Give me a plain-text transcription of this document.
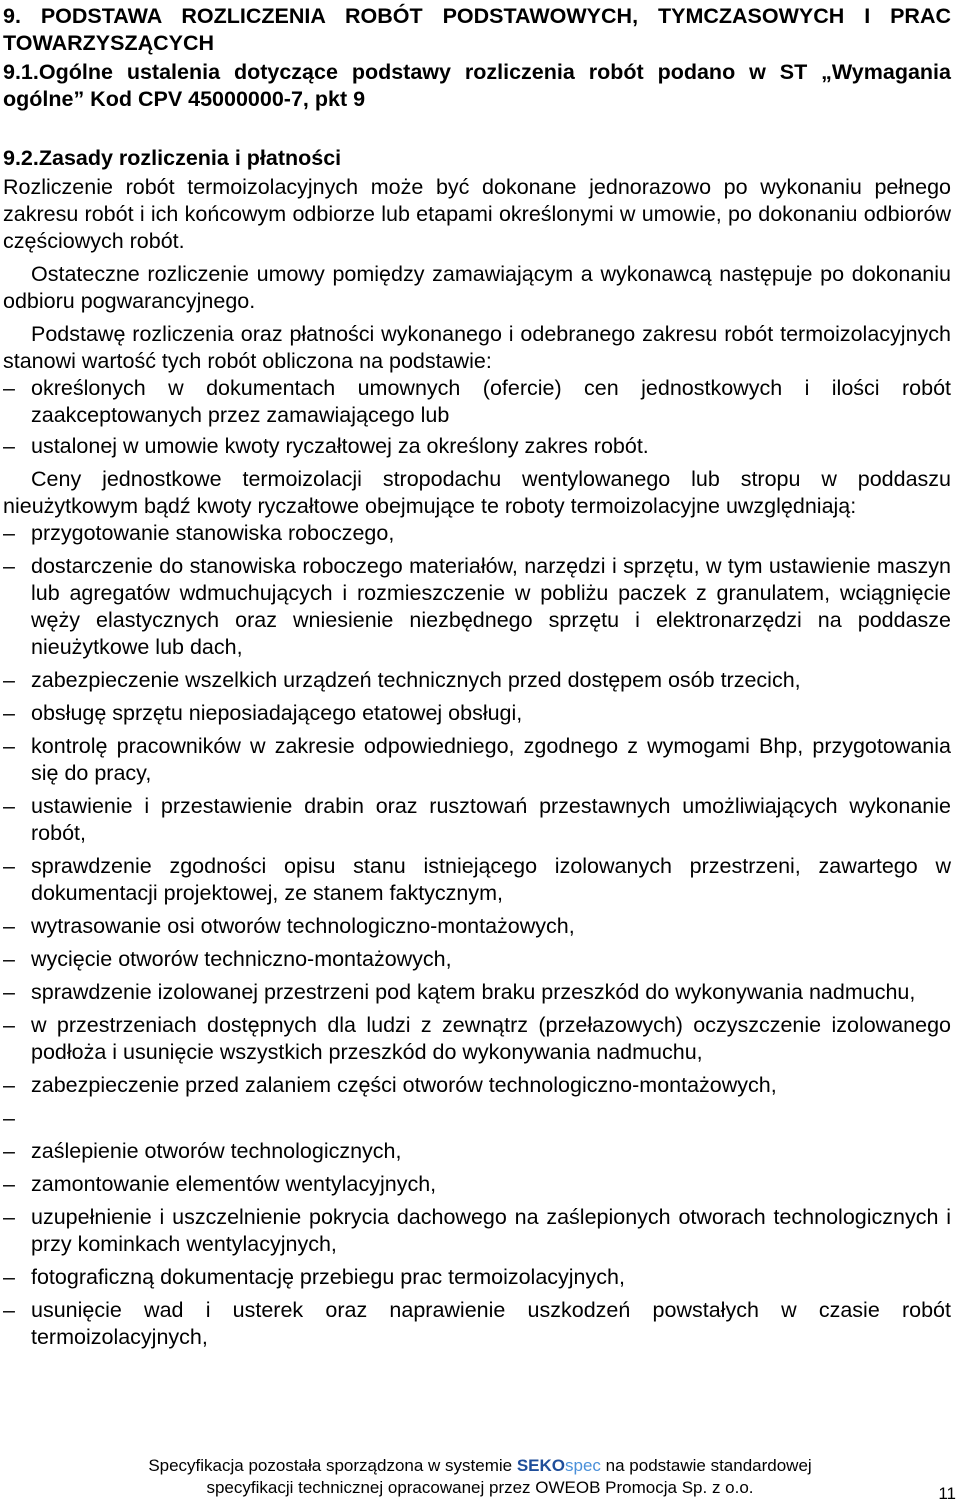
9. PODSTAWA ROZLICZENIA ROBÓT PODSTAWOWYCH, TYMCZASOWYCH I PRAC TOWARZYSZĄCYCH

9.1.Ogólne ustalenia dotyczące podstawy rozliczenia robót podano w ST „Wymagania ogólne” Kod CPV 45000000-7, pkt 9

9.2.Zasady rozliczenia i płatności

Rozliczenie robót termoizolacyjnych może być dokonane jednorazowo po wykonaniu pełnego zakresu robót i ich końcowym odbiorze lub etapami określonymi w umowie, po dokonaniu odbiorów częściowych robót.

Ostateczne rozliczenie umowy pomiędzy zamawiającym a wykonawcą następuje po dokonaniu odbioru pogwarancyjnego.

Podstawę rozliczenia oraz płatności wykonanego i odebranego zakresu robót termoizolacyjnych stanowi wartość tych robót obliczona na podstawie:

– określonych w dokumentach umownych (ofercie) cen jednostkowych i ilości robót zaakceptowanych przez zamawiającego lub
– ustalonej w umowie kwoty ryczałtowej za określony zakres robót.

Ceny jednostkowe termoizolacji stropodachu wentylowanego lub stropu w poddaszu nieużytkowym bądź kwoty ryczałtowe obejmujące te roboty termoizolacyjne uwzględniają:

– przygotowanie stanowiska roboczego,
– dostarczenie do stanowiska roboczego materiałów, narzędzi i sprzętu, w tym ustawienie maszyn lub agregatów wdmuchujących i rozmieszczenie w pobliżu paczek z granulatem, wciągnięcie węży elastycznych oraz wniesienie niezbędnego sprzętu i elektronarzędzi na poddasze nieużytkowe lub dach,
– zabezpieczenie wszelkich urządzeń technicznych przed dostępem osób trzecich,
– obsługę sprzętu nieposiadającego etatowej obsługi,
– kontrolę pracowników w zakresie odpowiedniego, zgodnego z wymogami Bhp, przygotowania się do pracy,
– ustawienie i przestawienie drabin oraz rusztowań przestawnych umożliwiających wykonanie robót,
– sprawdzenie zgodności opisu stanu istniejącego izolowanych przestrzeni, zawartego w dokumentacji projektowej, ze stanem faktycznym,
– wytrasowanie osi otworów technologiczno-montażowych,
– wycięcie otworów techniczno-montażowych,
– sprawdzenie izolowanej przestrzeni pod kątem braku przeszkód do wykonywania nadmuchu,
– w przestrzeniach dostępnych dla ludzi z zewnątrz (przełazowych) oczyszczenie izolowanego podłoża i usunięcie wszystkich przeszkód do wykonywania nadmuchu,
– zabezpieczenie przed zalaniem części otworów technologiczno-montażowych,
–
– zaślepienie otworów technologicznych,
– zamontowanie elementów wentylacyjnych,
– uzupełnienie i uszczelnienie pokrycia dachowego na zaślepionych otworach technologicznych i przy kominkach wentylacyjnych,
– fotograficzną dokumentację przebiegu prac termoizolacyjnych,
– usunięcie wad i usterek oraz naprawienie uszkodzeń powstałych w czasie robót termoizolacyjnych,
Specyfikacja pozostała sporządzona w systemie SEKOspec na podstawie standardowej
specyfikacji technicznej opracowanej przez OWEOB Promocja Sp. z o.o.	11
